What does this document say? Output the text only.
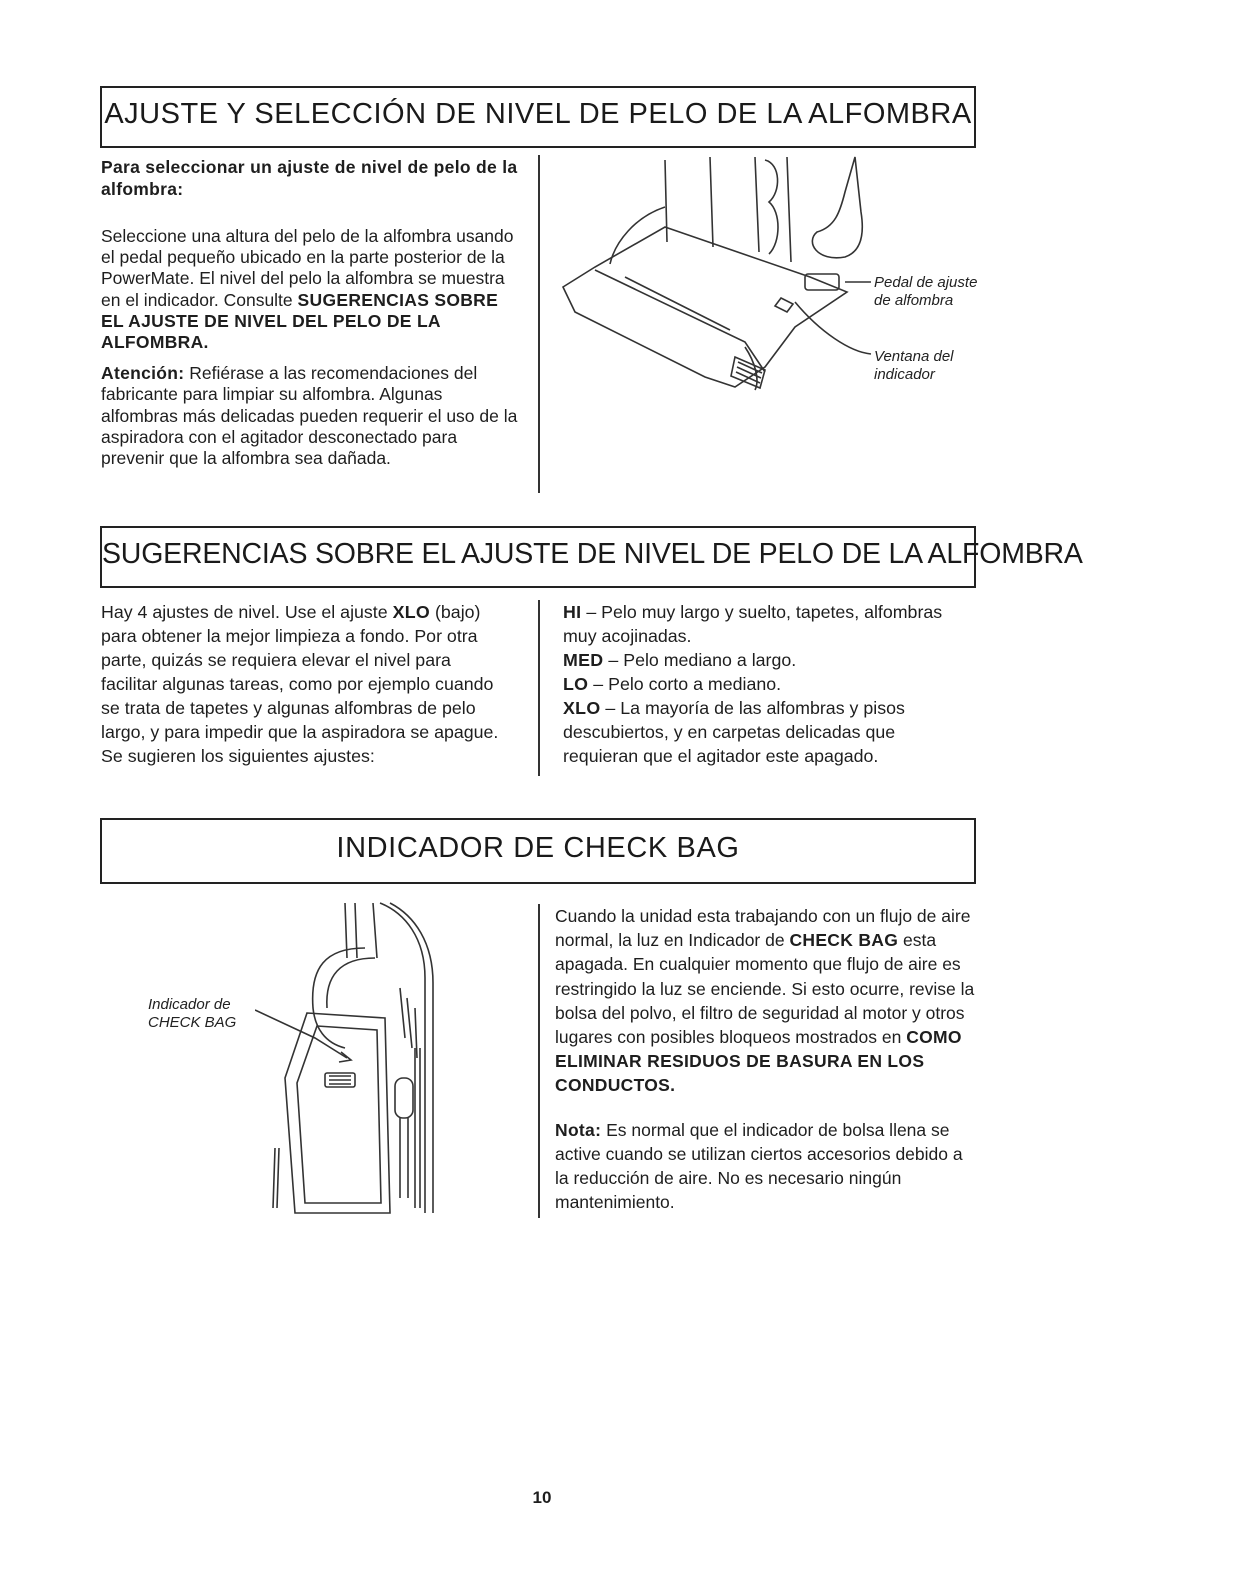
AJUSTE Y SELECCIÓN DE NIVEL DE PELO DE LA ALFOMBRA

Para seleccionar un ajuste de nivel de pelo de la alfombra:

Seleccione una altura del pelo de la alfombra usando el pedal pequeño ubicado en la parte posterior de la PowerMate. El nivel del pelo la alfombra se muestra en el indicador. Consulte SUGERENCIAS SOBRE EL AJUSTE DE NIVEL DEL PELO DE LA ALFOMBRA.

Atención: Refiérase a las recomendaciones del fabricante para limpiar su alfombra. Algunas alfombras más delicadas pueden requerir el uso de la aspiradora con el agitador desconectado para prevenir que la alfombra sea dañada.

Pedal de ajuste de alfombra
Ventana del indicador
SUGERENCIAS SOBRE EL AJUSTE DE NIVEL DE PELO DE LA ALFOMBRA

Hay 4 ajustes de nivel. Use el ajuste XLO (bajo) para obtener la mejor limpieza a fondo. Por otra parte, quizás se requiera elevar el nivel para facilitar algunas tareas, como por ejemplo cuando se trata de tapetes y algunas alfombras de pelo largo, y para impedir que la aspiradora se apague. Se sugieren los siguientes ajustes:

HI – Pelo muy largo y suelto, tapetes, alfombras muy acojinadas.

MED – Pelo mediano a largo.

LO – Pelo corto a mediano.

XLO – La mayoría de las alfombras y pisos descubiertos, y en carpetas delicadas que requieran que el agitador este apagado.

INDICADOR DE CHECK BAG
Indicador de CHECK BAG

Cuando la unidad esta trabajando con un flujo de aire normal, la luz en Indicador de CHECK BAG esta apagada. En cualquier momento que flujo de aire es restringido la luz se enciende. Si esto ocurre, revise la bolsa del polvo, el filtro de seguridad al motor y otros lugares con posibles bloqueos mostrados en COMO ELIMINAR RESIDUOS DE BASURA EN LOS CONDUCTOS.

Nota: Es normal que el indicador de bolsa llena se active cuando se utilizan ciertos accesorios debido a la reducción de aire. No es necesario ningún mantenimiento.

10
